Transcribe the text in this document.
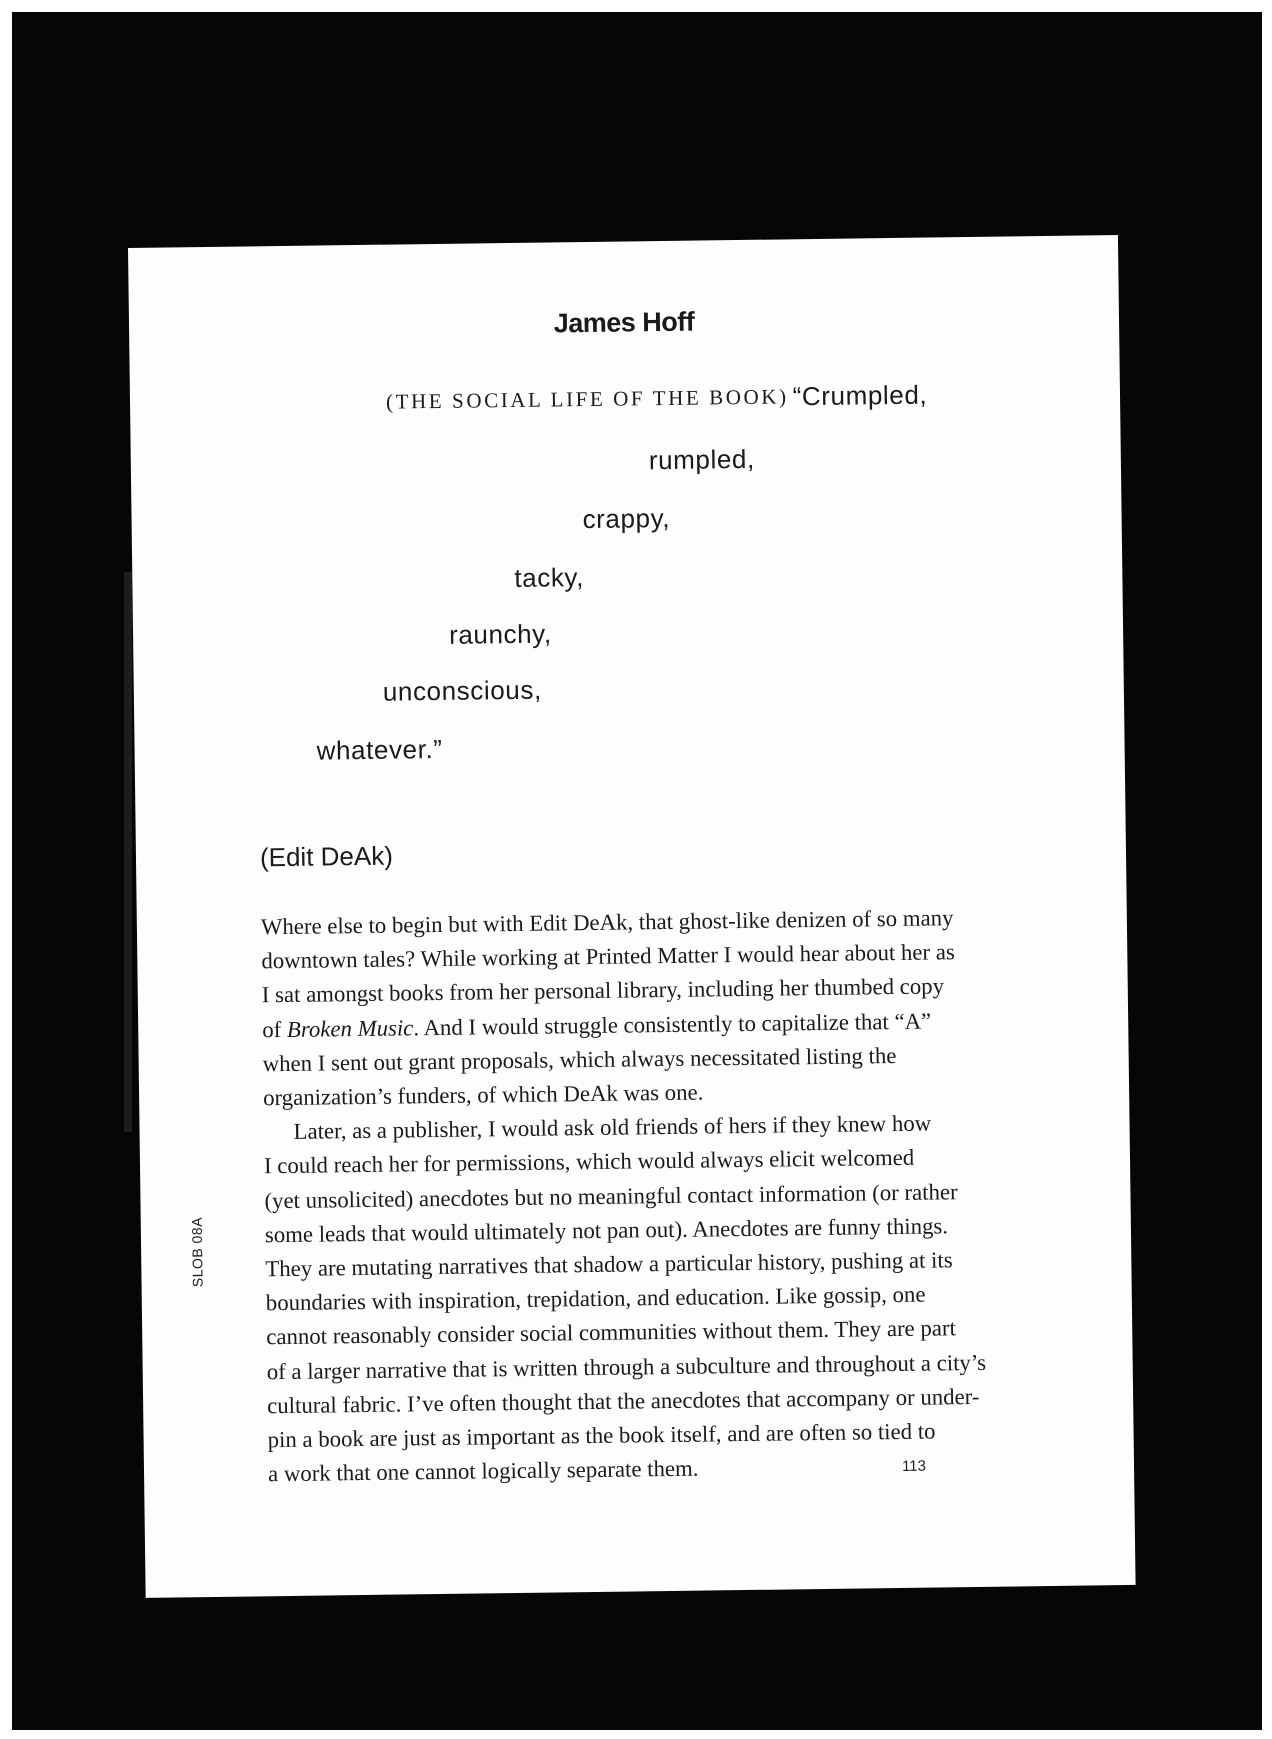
James Hoff
(THE SOCIAL LIFE OF THE BOOK) “Crumpled,
rumpled,
crappy,
tacky,
raunchy,
unconscious,
whatever.”
(Edit DeAk)

Where else to begin but with Edit DeAk, that ghost-like denizen of so many
downtown tales? While working at Printed Matter I would hear about her as
I sat amongst books from her personal library, including her thumbed copy
of Broken Music. And I would struggle consistently to capitalize that “A”
when I sent out grant proposals, which always necessitated listing the
organization’s funders, of which DeAk was one.

Later, as a publisher, I would ask old friends of hers if they knew how
I could reach her for permissions, which would always elicit welcomed
(yet unsolicited) anecdotes but no meaningful contact information (or rather
some leads that would ultimately not pan out). Anecdotes are funny things.
They are mutating narratives that shadow a particular history, pushing at its
boundaries with inspiration, trepidation, and education. Like gossip, one
cannot reasonably consider social communities without them. They are part
of a larger narrative that is written through a subculture and throughout a city’s
cultural fabric. I’ve often thought that the anecdotes that accompany or under-
pin a book are just as important as the book itself, and are often so tied to
a work that one cannot logically separate them.

SLOB 08A
113
